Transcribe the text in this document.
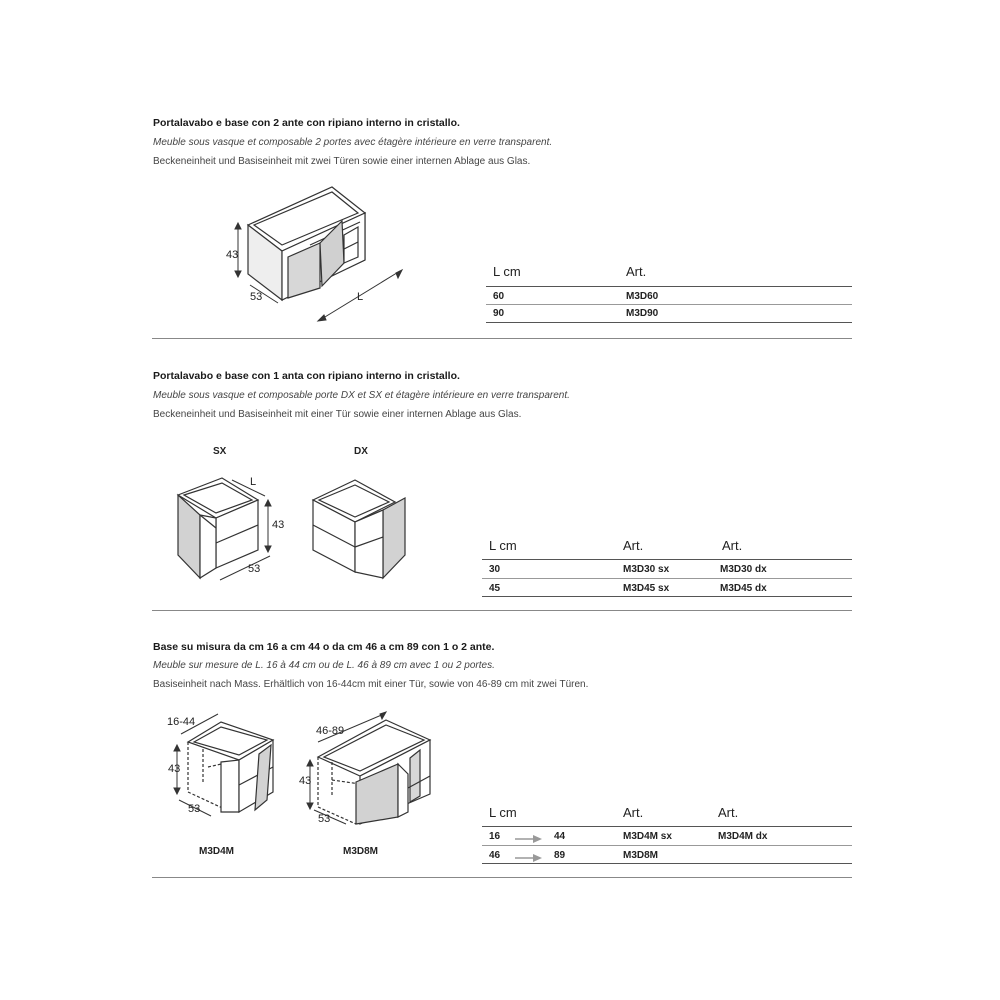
Portalavabo e base con 2 ante con ripiano interno in cristallo.
Meuble sous vasque et composable 2 portes avec étagère intérieure en verre transparent.
Beckeneinheit und Basiseinheit mit zwei Türen sowie einer internen Ablage aus Glas.
43
53	L
L cm	Art.
60	M3D60
90	M3D90
Portalavabo e base con 1 anta con ripiano interno in cristallo.
Meuble sous vasque et composable porte DX et SX et étagère intérieure en verre transparent.
Beckeneinheit und Basiseinheit mit einer Tür sowie einer internen Ablage aus Glas.
SX	DX
L
43
53
L cm	Art.	Art.
30	M3D30 sx	M3D30 dx
45	M3D45 sx	M3D45 dx
Base su misura da cm 16 a cm 44 o da cm 46 a cm 89 con 1 o 2 ante.
Meuble sur mesure de L. 16 à 44 cm ou de L. 46 à 89 cm avec 1 ou 2 portes.
Basiseinheit nach Mass. Erhältlich von 16-44cm mit einer Tür, sowie von 46-89 cm mit zwei Türen.
16-44
43
53
46-89
43
53
M3D4M	M3D8M
L cm	Art.	Art.
16	44	M3D4M sx	M3D4M dx
46	89	M3D8M
